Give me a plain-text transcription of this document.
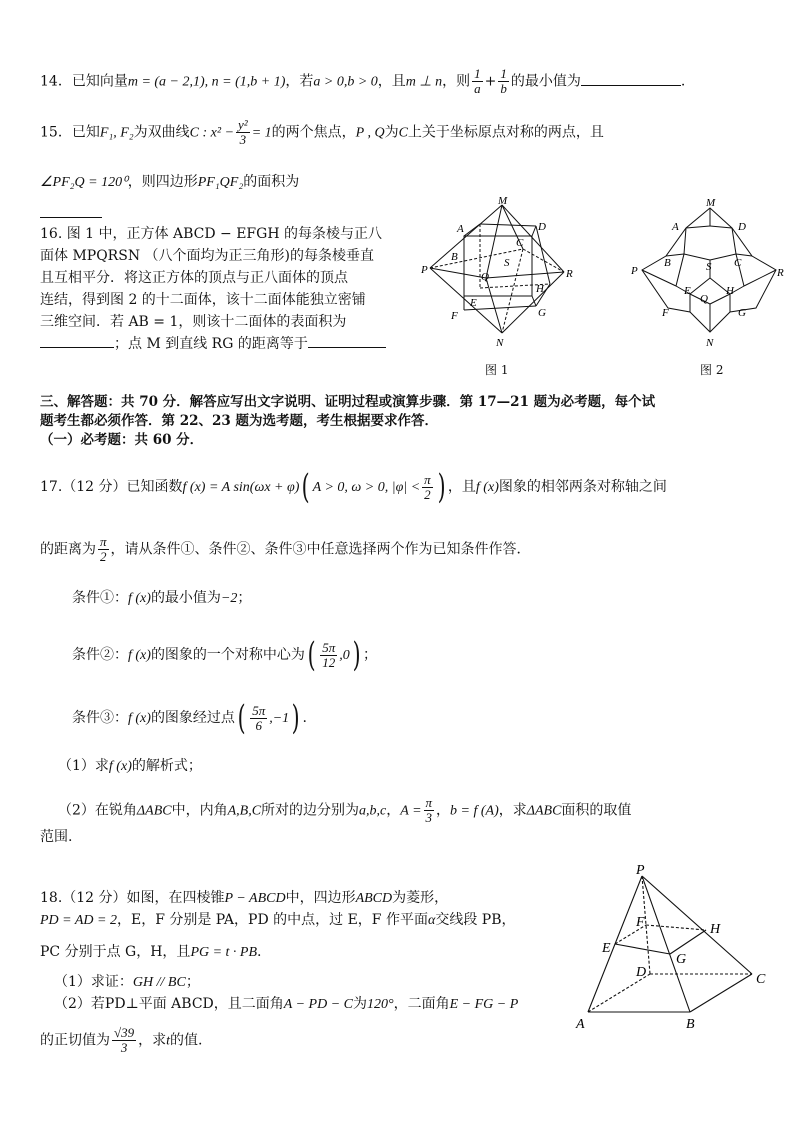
14．已知向量m = (a − 2,1), n = (1,b + 1)，若a > 0,b > 0，且m ⊥ n，则 $\frac{1}{a} + \frac{1}{b}$ 的最小值为	.
15．已知F₁, F₂为双曲线C : $x^2 - \frac{\text{y²}}{3} = 1$的两个焦点，P , Q为C上关于坐标原点对称的两点，且
∠PF₂Q = 120⁰，则四边形PF₁QF₂的面积为
16. 图 1 中，正方体 ABCD − EFGH 的每条棱与正八
面体 MPQRSN （八个面均为正三角形)的每条棱垂直
且互相平分．将这正方体的顶点与正八面体的顶点
连结，得到图 2 的十二面体，该十二面体能独立密铺
三维空间．若 AB = 1，则该十二面体的表面积为
；点 M 到直线 RG 的距离等于
M
A	D
B
C
S
P	R
Q
E
H
F	G
N
图 1
M
A	D
B	C
S
P	R
E
Q
H
F	G
N
图 2
三、解答题：共 70 分．解答应写出文字说明、证明过程或演算步骤．第 17—21 题为必考题，每个试
题考生都必须作答．第 22、23 题为选考题，考生根据要求作答．
（一）必考题：共 60 分．
17.（12 分）已知函数f (x) = A sin(ωx + φ)( A > 0, ω > 0, $|\varphi| < \frac{\pi}{2}$ ) ，且f (x)图象的相邻两条对称轴之间
的距离为 $\frac{\pi}{2}$ ，请从条件①、条件②、条件③中任意选择两个作为已知条件作答．
条件①：f (x)的最小值为−2；
条件②：f (x)的图象的一个对称中心为( $\frac{5\pi}{12} ,0$) ；
条件③：f (x)的图象经过点( $\frac{5\pi}{6} ,-1$) .
（1）求f (x)的解析式；
（2）在锐角ΔABC中，内角A,B,C所对的边分别为a,b,c，$A = \frac{\pi}{3}$ ，b = f (A)，求ΔABC面积的取值
范围.
18.（12 分）如图，在四棱锥P − ABCD中，四边形ABCD为菱形，
PD = AD = 2，E，F 分别是 PA，PD 的中点，过 E，F 作平面α交线段 PB，
PC 分别于点 G，H，且PG = t · PB.
（1）求证：GH // BC；
（2）若PD⊥平面 ABCD，且二面角A − PD − C为120°，二面角E − FG − P
的正切值为 $\frac{√39}{3}$ ，求t的值.
P
F	H
E
G
D	C
A	B
